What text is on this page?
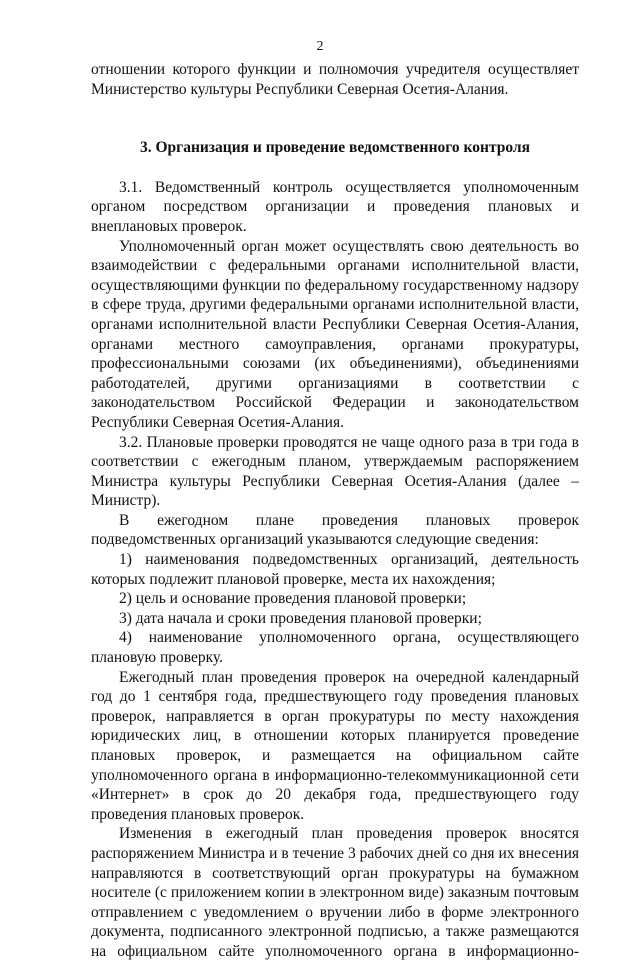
2

отношении которого функции и полномочия учредителя осуществляет Министерство культуры Республики Северная Осетия-Алания.

3. Организация и проведение ведомственного контроля

3.1. Ведомственный контроль осуществляется уполномоченным органом посредством организации и проведения плановых и внеплановых проверок.

Уполномоченный орган может осуществлять свою деятельность во взаимодействии с федеральными органами исполнительной власти, осуществляющими функции по федеральному государственному надзору в сфере труда, другими федеральными органами исполнительной власти, органами исполнительной власти Республики Северная Осетия-Алания, органами местного самоуправления, органами прокуратуры, профессиональными союзами (их объединениями), объединениями работодателей, другими организациями в соответствии с законодательством Российской Федерации и законодательством Республики Северная Осетия-Алания.

3.2. Плановые проверки проводятся не чаще одного раза в три года в соответствии с ежегодным планом, утверждаемым распоряжением Министра культуры Республики Северная Осетия-Алания (далее – Министр).

В ежегодном плане проведения плановых проверок подведомственных организаций указываются следующие сведения:

1) наименования подведомственных организаций, деятельность которых подлежит плановой проверке, места их нахождения;

2) цель и основание проведения плановой проверки;

3) дата начала и сроки проведения плановой проверки;

4) наименование уполномоченного органа, осуществляющего плановую проверку.

Ежегодный план проведения проверок на очередной календарный год до 1 сентября года, предшествующего году проведения плановых проверок, направляется в орган прокуратуры по месту нахождения юридических лиц, в отношении которых планируется проведение плановых проверок, и размещается на официальном сайте уполномоченного органа в информационно-телекоммуникационной сети «Интернет» в срок до 20 декабря года, предшествующего году проведения плановых проверок.

Изменения в ежегодный план проведения проверок вносятся распоряжением Министра и в течение 3 рабочих дней со дня их внесения направляются в соответствующий орган прокуратуры на бумажном носителе (с приложением копии в электронном виде) заказным почтовым отправлением с уведомлением о вручении либо в форме электронного документа, подписанного электронной подписью, а также размещаются на официальном сайте уполномоченного органа в информационно-
